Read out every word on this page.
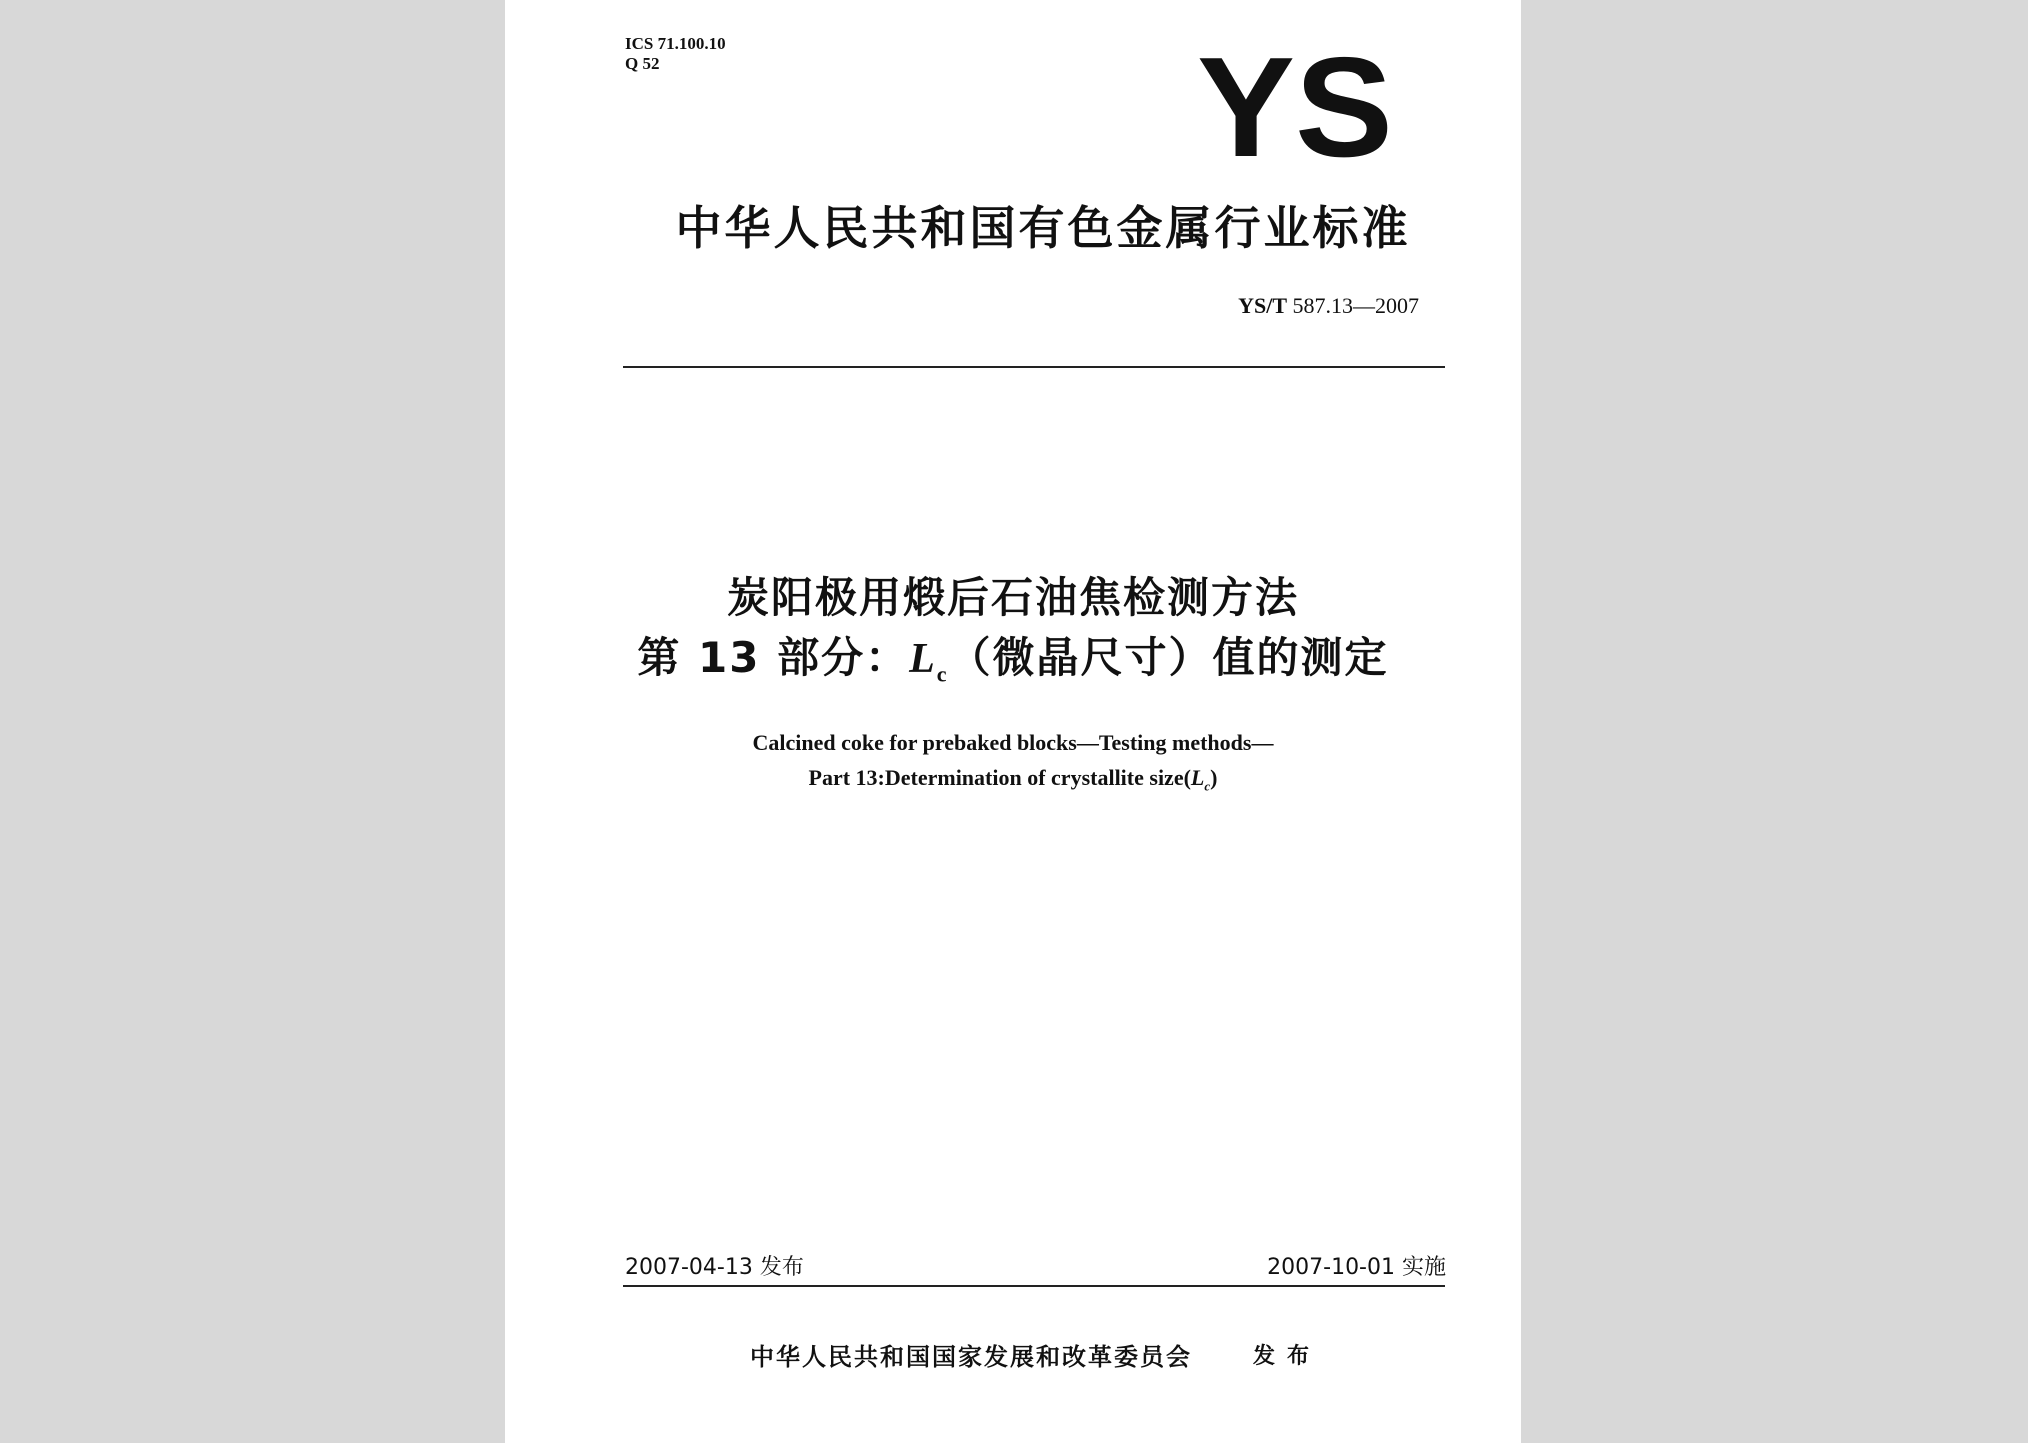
ICS 71.100.10
Q 52	YS
中华人民共和国有色金属行业标准
YS/T 587.13—2007
炭阳极用煅后石油焦检测方法
第 13 部分：$L_c$（微晶尺寸）值的测定
Calcined coke for prebaked blocks—Testing methods—
Part 13:Determination of crystallite $size(L_c)$
2007-04-13 发布	2007-10-01 实施
中华人民共和国国家发展和改革委员会	发布
